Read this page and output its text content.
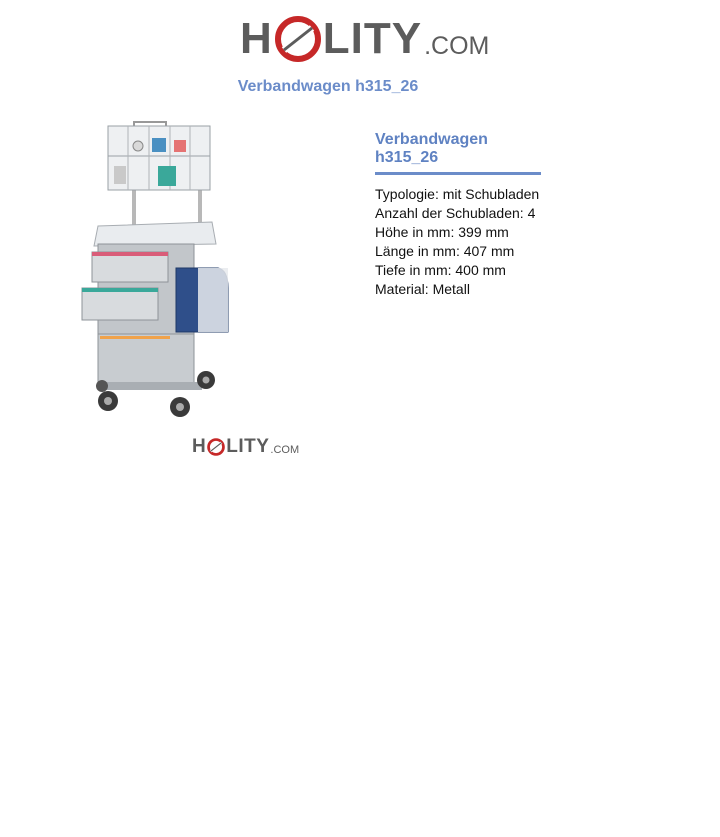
H LITY .COM
Verbandwagen h315_26
H LITY .COM
Verbandwagen h315_26
Typologie: mit Schubladen
Anzahl der Schubladen: 4
Höhe in mm: 399 mm
Länge in mm: 407 mm
Tiefe in mm: 400 mm
Material: Metall
